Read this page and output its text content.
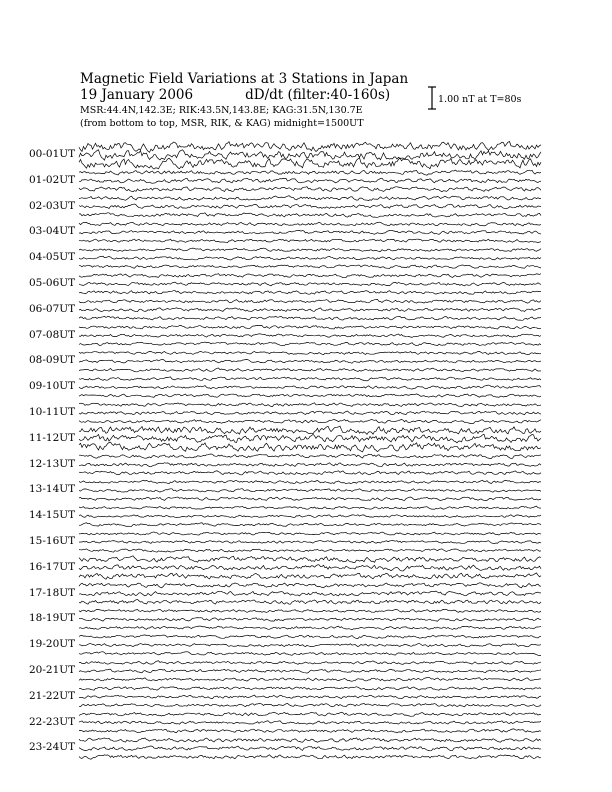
Magnetic Field Variations at 3 Stations in Japan
19 January 2006	dD/dt (filter:40-160s)
MSR:44.4N,142.3E; RIK:43.5N,143.8E; KAG:31.5N,130.7E
(from bottom to top, MSR, RIK, & KAG) midnight=1500UT
1.00 nT at T=80s
00-01UT
01-02UT
02-03UT
03-04UT
04-05UT
05-06UT
06-07UT
07-08UT
08-09UT
09-10UT
10-11UT
11-12UT
12-13UT
13-14UT
14-15UT
15-16UT
16-17UT
17-18UT
18-19UT
19-20UT
20-21UT
21-22UT
22-23UT
23-24UT
